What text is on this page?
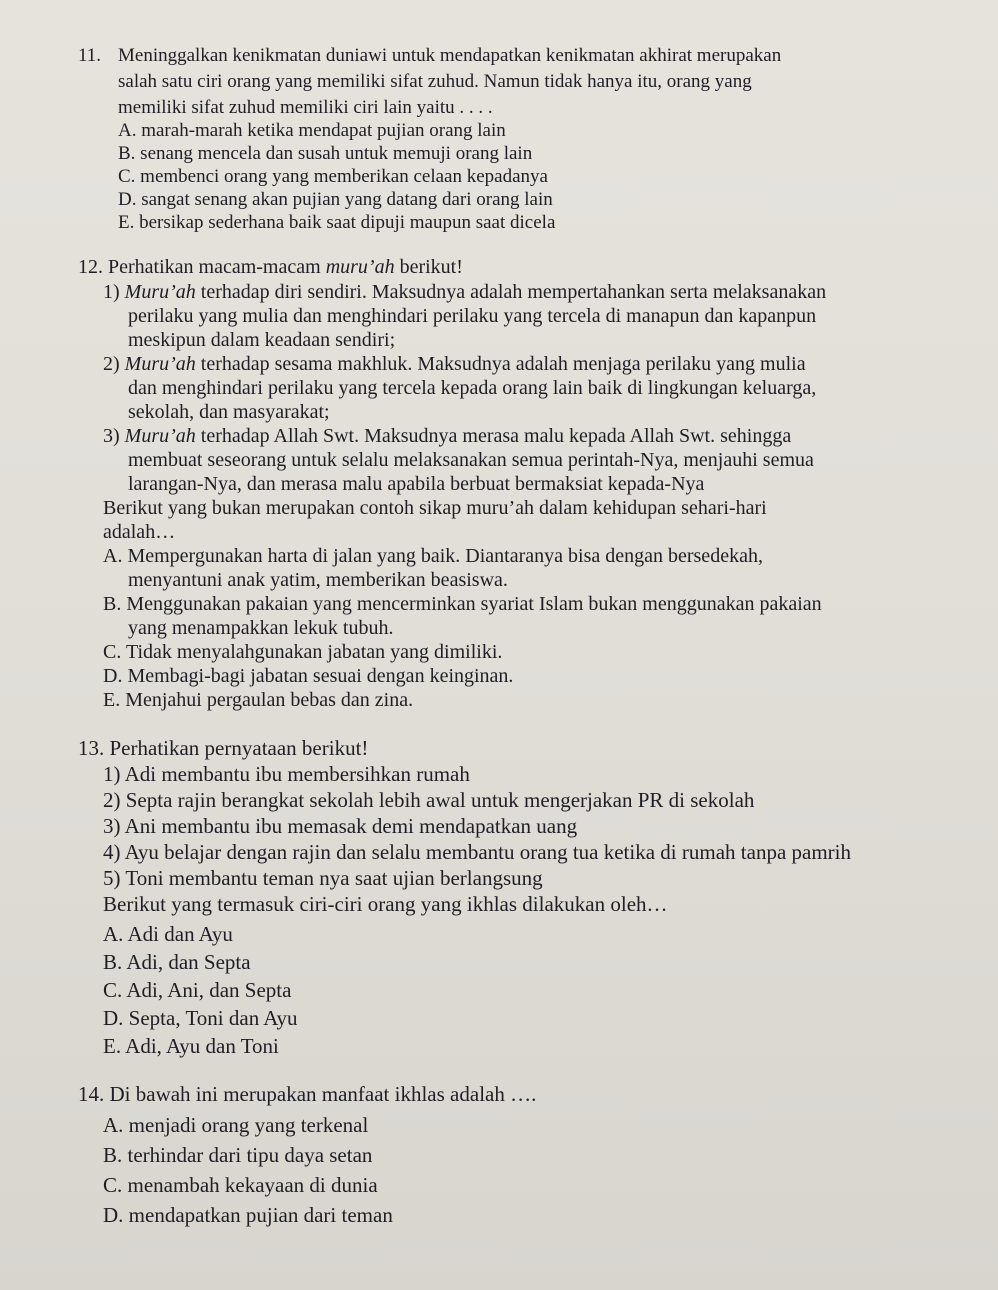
11. Meninggalkan kenikmatan duniawi untuk mendapatkan kenikmatan akhirat merupakan
salah satu ciri orang yang memiliki sifat zuhud. Namun tidak hanya itu, orang yang
memiliki sifat zuhud memiliki ciri lain yaitu . . . .
A. marah-marah ketika mendapat pujian orang lain
B. senang mencela dan susah untuk memuji orang lain
C. membenci orang yang memberikan celaan kepadanya
D. sangat senang akan pujian yang datang dari orang lain
E. bersikap sederhana baik saat dipuji maupun saat dicela
12. Perhatikan macam-macam muru’ah berikut!
1) Muru’ah terhadap diri sendiri. Maksudnya adalah mempertahankan serta melaksanakan
perilaku yang mulia dan menghindari perilaku yang tercela di manapun dan kapanpun
meskipun dalam keadaan sendiri;
2) Muru’ah terhadap sesama makhluk. Maksudnya adalah menjaga perilaku yang mulia
dan menghindari perilaku yang tercela kepada orang lain baik di lingkungan keluarga,
sekolah, dan masyarakat;
3) Muru’ah terhadap Allah Swt. Maksudnya merasa malu kepada Allah Swt. sehingga
membuat seseorang untuk selalu melaksanakan semua perintah-Nya, menjauhi semua
larangan-Nya, dan merasa malu apabila berbuat bermaksiat kepada-Nya
Berikut yang bukan merupakan contoh sikap muru’ah dalam kehidupan sehari-hari
adalah…
A. Mempergunakan harta di jalan yang baik. Diantaranya bisa dengan bersedekah,
menyantuni anak yatim, memberikan beasiswa.
B. Menggunakan pakaian yang mencerminkan syariat Islam bukan menggunakan pakaian
yang menampakkan lekuk tubuh.
C. Tidak menyalahgunakan jabatan yang dimiliki.
D. Membagi-bagi jabatan sesuai dengan keinginan.
E. Menjahui pergaulan bebas dan zina.
13. Perhatikan pernyataan berikut!
1) Adi membantu ibu membersihkan rumah
2) Septa rajin berangkat sekolah lebih awal untuk mengerjakan PR di sekolah
3) Ani membantu ibu memasak demi mendapatkan uang
4) Ayu belajar dengan rajin dan selalu membantu orang tua ketika di rumah tanpa pamrih
5) Toni membantu teman nya saat ujian berlangsung
Berikut yang termasuk ciri-ciri orang yang ikhlas dilakukan oleh…
A. Adi dan Ayu
B. Adi, dan Septa
C. Adi, Ani, dan Septa
D. Septa, Toni dan Ayu
E. Adi, Ayu dan Toni
14. Di bawah ini merupakan manfaat ikhlas adalah ….
A. menjadi orang yang terkenal
B. terhindar dari tipu daya setan
C. menambah kekayaan di dunia
D. mendapatkan pujian dari teman
